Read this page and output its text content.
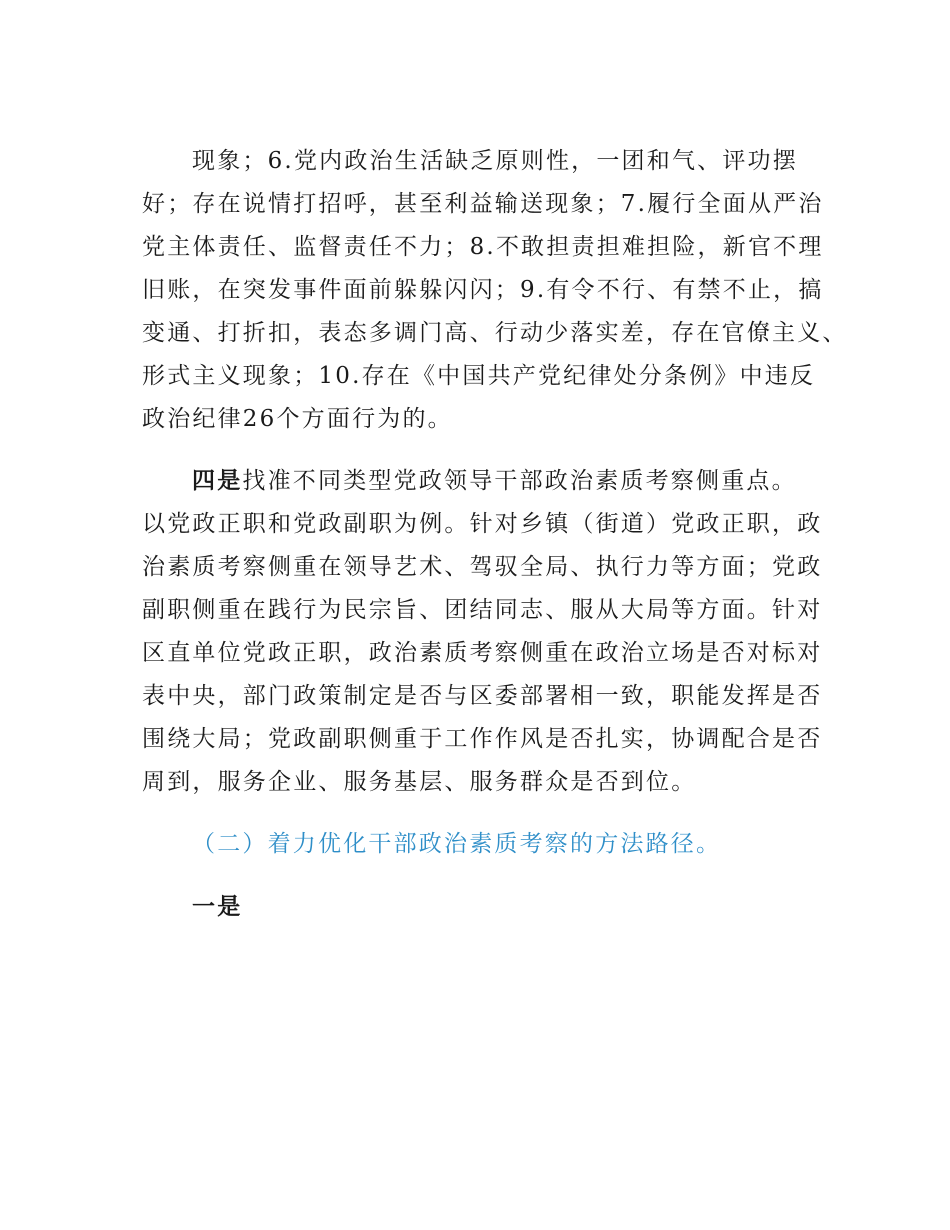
现象；6.党内政治生活缺乏原则性，一团和气、评功摆
好；存在说情打招呼，甚至利益输送现象；7.履行全面从严治
党主体责任、监督责任不力；8.不敢担责担难担险，新官不理
旧账，在突发事件面前躲躲闪闪；9.有令不行、有禁不止，搞
变通、打折扣，表态多调门高、行动少落实差，存在官僚主义、
形式主义现象；10.存在《中国共产党纪律处分条例》中违反
政治纪律26个方面行为的。
四是找准不同类型党政领导干部政治素质考察侧重点。
以党政正职和党政副职为例。针对乡镇（街道）党政正职，政
治素质考察侧重在领导艺术、驾驭全局、执行力等方面；党政
副职侧重在践行为民宗旨、团结同志、服从大局等方面。针对
区直单位党政正职，政治素质考察侧重在政治立场是否对标对
表中央，部门政策制定是否与区委部署相一致，职能发挥是否
围绕大局；党政副职侧重于工作作风是否扎实，协调配合是否
周到，服务企业、服务基层、服务群众是否到位。
（二）着力优化干部政治素质考察的方法路径。
一是
